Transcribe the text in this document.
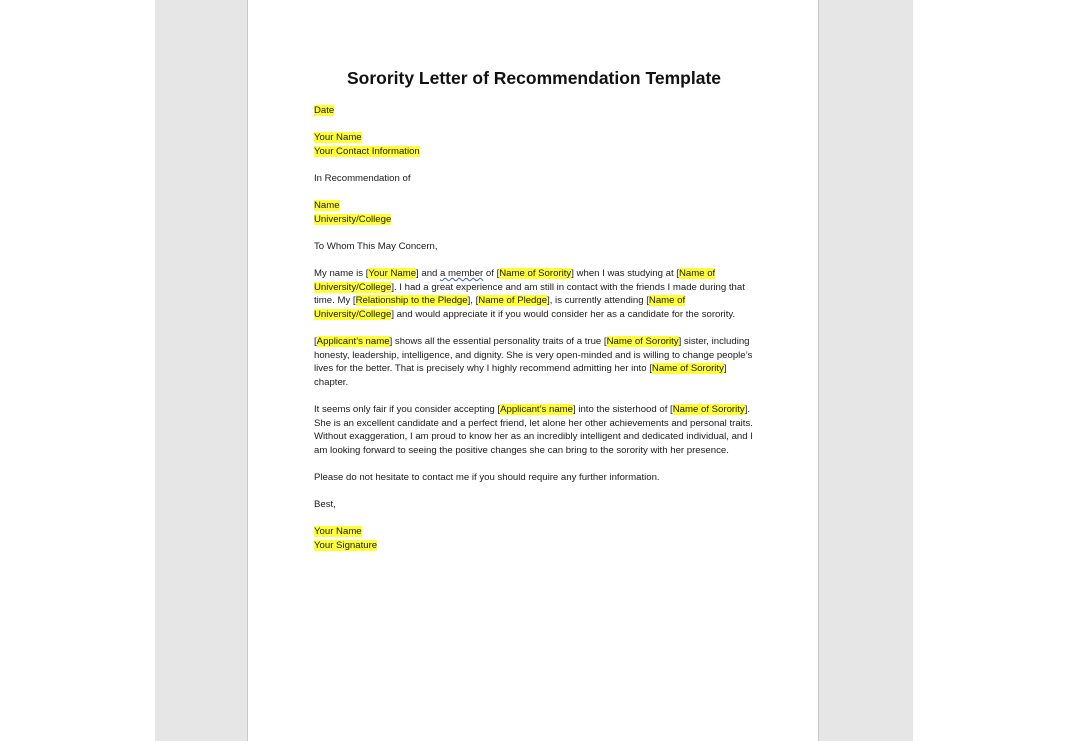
Sorority Letter of Recommendation Template

Date

Your Name
Your Contact Information

In Recommendation of

Name
University/College

To Whom This May Concern,

My name is [Your Name] and a member of [Name of Sorority] when I was studying at [Name of University/College]. I had a great experience and am still in contact with the friends I made during that time. My [Relationship to the Pledge], [Name of Pledge], is currently attending [Name of University/College] and would appreciate it if you would consider her as a candidate for the sorority.

[Applicant’s name] shows all the essential personality traits of a true [Name of Sorority] sister, including honesty, leadership, intelligence, and dignity. She is very open-minded and is willing to change people’s lives for the better. That is precisely why I highly recommend admitting her into [Name of Sorority] chapter.

It seems only fair if you consider accepting [Applicant’s name] into the sisterhood of [Name of Sorority]. She is an excellent candidate and a perfect friend, let alone her other achievements and personal traits. Without exaggeration, I am proud to know her as an incredibly intelligent and dedicated individual, and I am looking forward to seeing the positive changes she can bring to the sorority with her presence.

Please do not hesitate to contact me if you should require any further information.

Best,

Your Name
Your Signature
